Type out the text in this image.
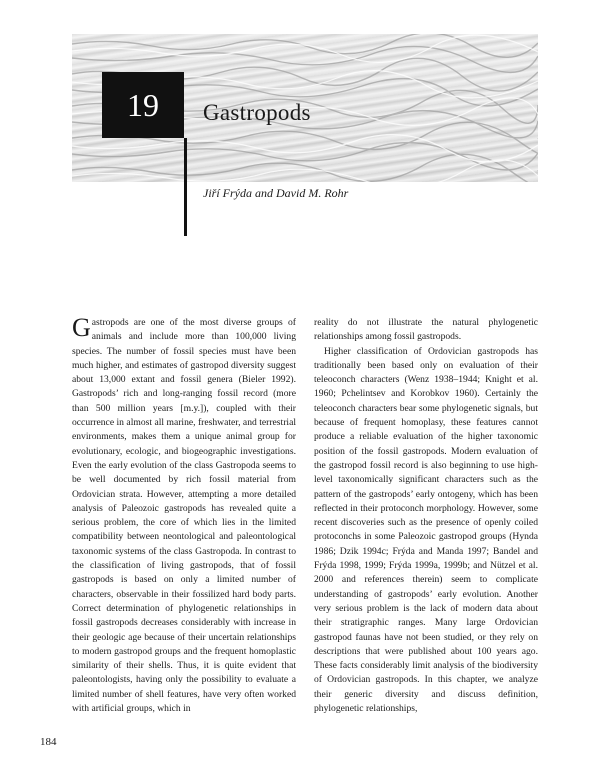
19 Gastropods
Jiří Frýda and David M. Rohr

Gastropods are one of the most diverse groups of animals and include more than 100,000 living species. The number of fossil species must have been much higher, and estimates of gastropod diversity suggest about 13,000 extant and fossil genera (Bieler 1992). Gastropods’ rich and long-ranging fossil record (more than 500 million years [m.y.]), coupled with their occurrence in almost all marine, freshwater, and terrestrial environments, makes them a unique animal group for evolutionary, ecologic, and biogeographic investigations. Even the early evolution of the class Gastropoda seems to be well documented by rich fossil material from Ordovician strata. However, attempting a more detailed analysis of Paleozoic gastropods has revealed quite a serious problem, the core of which lies in the limited compatibility between neontological and paleontological taxonomic systems of the class Gastropoda. In contrast to the classification of living gastropods, that of fossil gastropods is based on only a limited number of characters, observable in their fossilized hard body parts. Correct determination of phylogenetic relationships in fossil gastropods decreases considerably with increase in their geologic age because of their uncertain relationships to modern gastropod groups and the frequent homoplastic similarity of their shells. Thus, it is quite evident that paleontologists, having only the possibility to evaluate a limited number of shell features, have very often worked with artificial groups, which in

reality do not illustrate the natural phylogenetic relationships among fossil gastropods.

Higher classification of Ordovician gastropods has traditionally been based only on evaluation of their teleoconch characters (Wenz 1938–1944; Knight et al. 1960; Pchelintsev and Korobkov 1960). Certainly the teleoconch characters bear some phylogenetic signals, but because of frequent homoplasy, these features cannot produce a reliable evaluation of the higher taxonomic position of the fossil gastropods. Modern evaluation of the gastropod fossil record is also beginning to use high-level taxonomically significant characters such as the pattern of the gastropods’ early ontogeny, which has been reflected in their protoconch morphology. However, some recent discoveries such as the presence of openly coiled protoconchs in some Paleozoic gastropod groups (Hynda 1986; Dzik 1994c; Frýda and Manda 1997; Bandel and Frýda 1998, 1999; Frýda 1999a, 1999b; and Nützel et al. 2000 and references therein) seem to complicate understanding of gastropods’ early evolution. Another very serious problem is the lack of modern data about their stratigraphic ranges. Many large Ordovician gastropod faunas have not been studied, or they rely on descriptions that were published about 100 years ago. These facts considerably limit analysis of the biodiversity of Ordovician gastropods. In this chapter, we analyze their generic diversity and discuss definition, phylogenetic relationships,

184
